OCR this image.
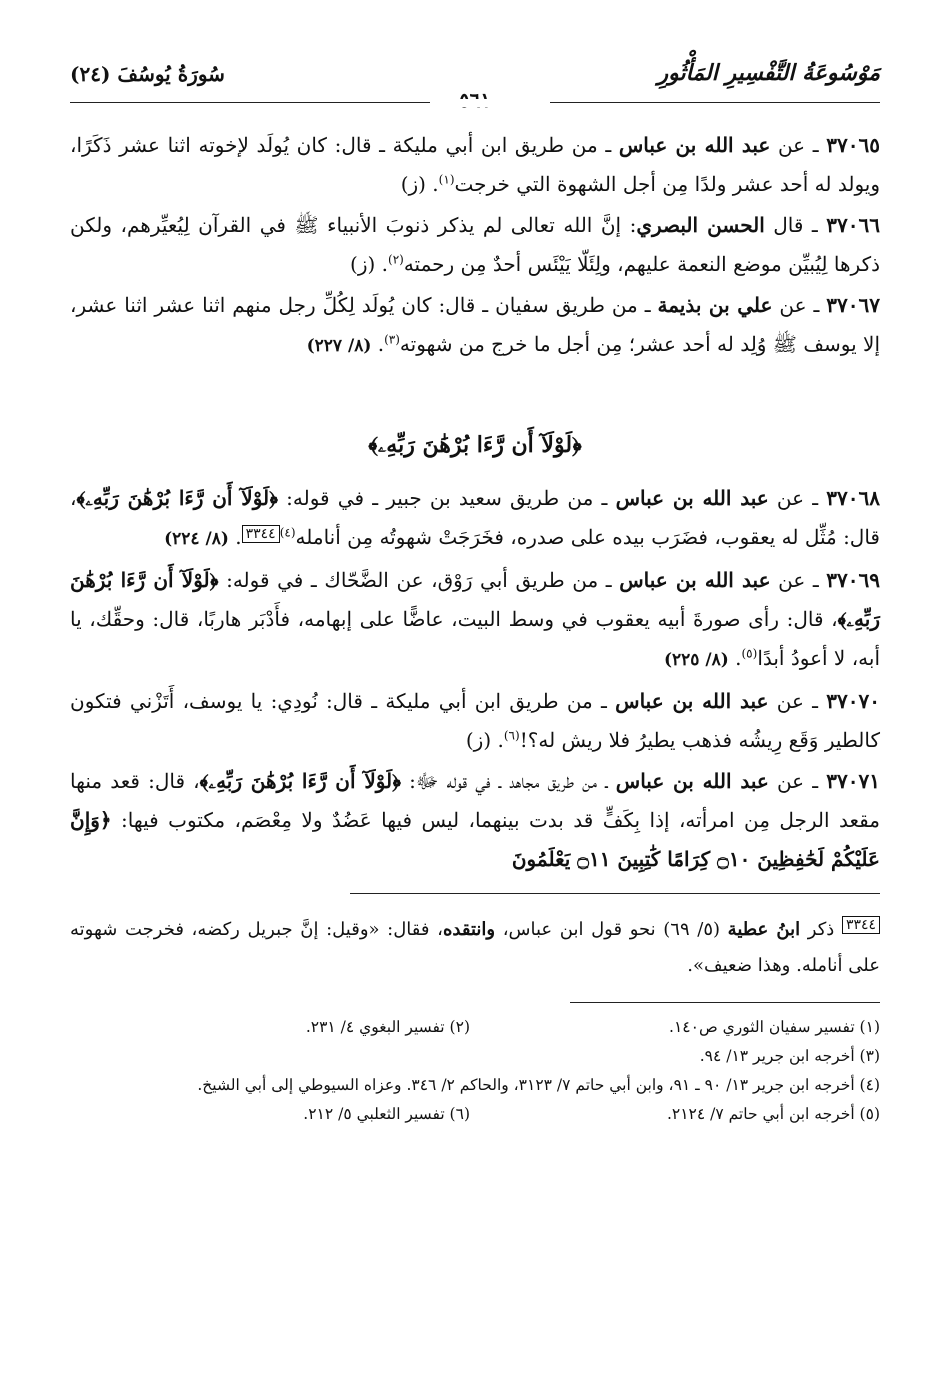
مَوْسُوعَةُ التَّفْسِيرِ المَأْثُورِ
سُورَةُ يُوسُفَ (٢٤)

٣٧٠٦٥ ـ عن عبد الله بن عباس ـ من طريق ابن أبي مليكة ـ قال: كان يُولَد لإخوته اثنا عشر ذَكَرًا، ويولد له أحد عشر ولدًا مِن أجل الشهوة التي خرجت$^{(١)}$. (ز)

٣٧٠٦٦ ـ قال الحسن البصري: إنَّ الله تعالى لم يذكر ذنوبَ الأنبياء ﷺ في القرآن لِيُعيِّرهم، ولكن ذكرها لِيُبيِّن موضع النعمة عليهم، ولِئَلّا يَيْئَس أحدٌ مِن رحمته$^{(٢)}$. (ز)

٣٧٠٦٧ ـ عن علي بن بذيمة ـ من طريق سفيان ـ قال: كان يُولَد لِكُلِّ رجل منهم اثنا عشر اثنا عشر، إلا يوسف ﷺ وُلِد له أحد عشر؛ مِن أجل ما خرج من شهوته$^{(٣)}$. (٨/ ٢٢٧)

﴿لَوْلَآ أَن رَّءَا بُرْهَٰنَ رَبِّهِۦ﴾

٣٧٠٦٨ ـ عن عبد الله بن عباس ـ من طريق سعيد بن جبير ـ في قوله: ﴿لَوْلَآ أَن رَّءَا بُرْهَٰنَ رَبِّهِۦ﴾، قال: مُثِّل له يعقوب، فضَرَب بيده على صدره، فخَرَجَتْ شهوتُه مِن أنامله$^{(٤)}$٣٣٤٤. (٨/ ٢٢٤)

٣٧٠٦٩ ـ عن عبد الله بن عباس ـ من طريق أبي رَوْق، عن الضَّحّاك ـ في قوله: ﴿لَوْلَآ أَن رَّءَا بُرْهَٰنَ رَبِّهِۦ﴾، قال: رأى صورةَ أبيه يعقوب في وسط البيت، عاضًّا على إبهامه، فأَدْبَر هاربًا، قال: وحقِّك، يا أبه، لا أعودُ أبدًا$^{(٥)}$. (٨/ ٢٢٥)

٣٧٠٧٠ ـ عن عبد الله بن عباس ـ من طريق ابن أبي مليكة ـ قال: نُودِي: يا يوسف، أَتَزْني فتكون كالطير وَقَع رِيشُه فذهب يطيرُ فلا ريش له؟!$^{(٦)}$. (ز)

٣٧٠٧١ ـ عن عبد الله بن عباس ـ من طريق مجاهد ـ في قوله ﷻ: ﴿لَوْلَآ أَن رَّءَا بُرْهَٰنَ رَبِّهِۦ﴾، قال: قعد منها مقعد الرجل مِن امرأته، إذا بِكَفٍّ قد بدت بينهما، ليس فيها عَضُدٌ ولا مِعْصَم، مكتوب فيها: ﴿وَإِنَّ عَلَيْكُمْ لَحَٰفِظِينَ ۝١٠ كِرَامًا كَٰتِبِينَ ۝١١ يَعْلَمُونَ

٣٣٤٤ ذكر ابنُ عطية (٥/ ٦٩) نحو قول ابن عباس، وانتقده، فقال: «وقيل: إنَّ جبريل ركضه، فخرجت شهوته على أنامله. وهذا ضعيف».

(١) تفسير سفيان الثوري ص١٤٠.
(٢) تفسير البغوي ٤/ ٢٣١.
(٣) أخرجه ابن جرير ١٣/ ٩٤.
(٤) أخرجه ابن جرير ١٣/ ٩٠ ـ ٩١، وابن أبي حاتم ٧/ ٣١٢٣، والحاكم ٢/ ٣٤٦. وعزاه السيوطي إلى أبي الشيخ.
(٥) أخرجه ابن أبي حاتم ٧/ ٢١٢٤.
(٦) تفسير الثعلبي ٥/ ٢١٢.
